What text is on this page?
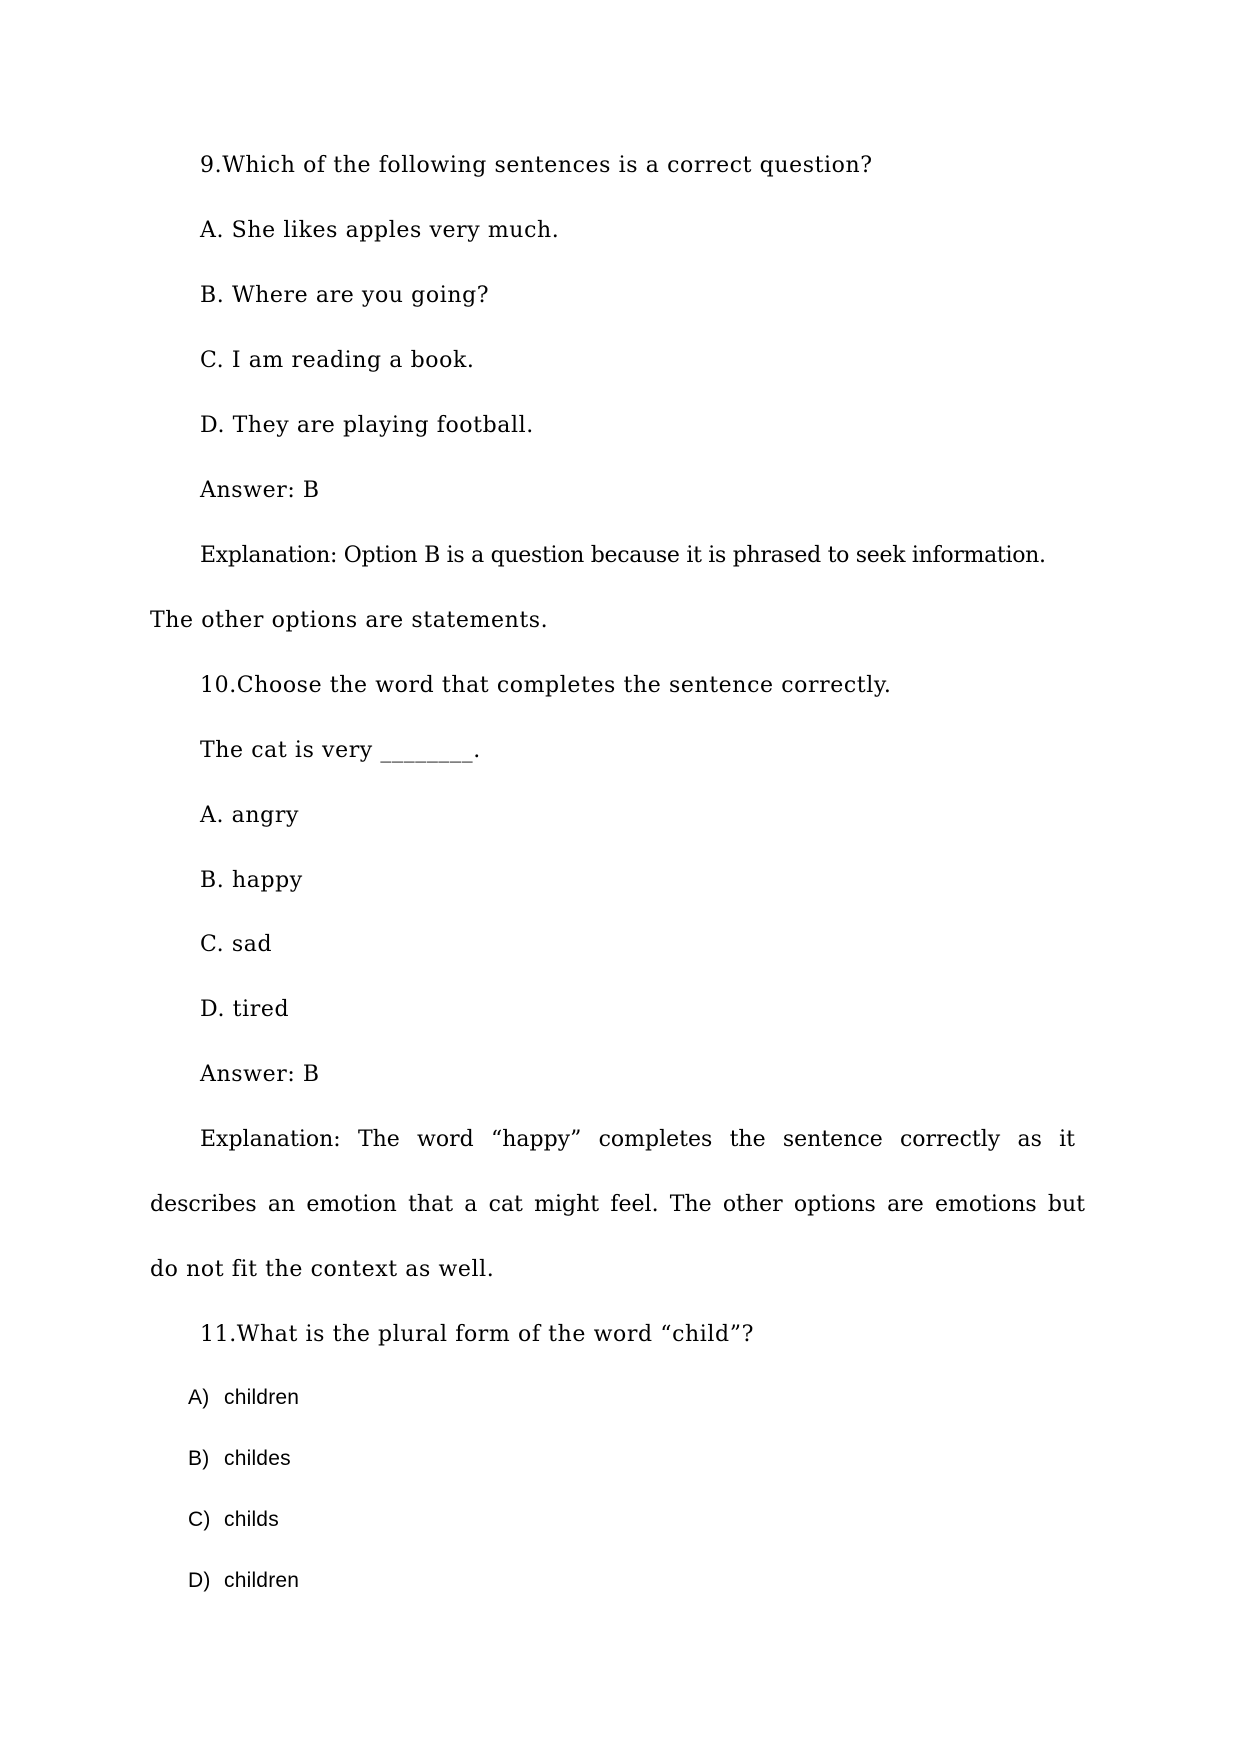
9.Which of the following sentences is a correct question?
A. She likes apples very much.
B. Where are you going?
C. I am reading a book.
D. They are playing football.
Answer: B
Explanation: Option B is a question because it is phrased to seek information.
The other options are statements.
10.Choose the word that completes the sentence correctly.
The cat is very ________.
A. angry
B. happy
C. sad
D. tired
Answer: B
Explanation: The word “happy” completes the sentence correctly as it
describes an emotion that a cat might feel. The other options are emotions but
do not fit the context as well.
11.What is the plural form of the word “child”?
A) children
B) childes
C) childs
D) children
